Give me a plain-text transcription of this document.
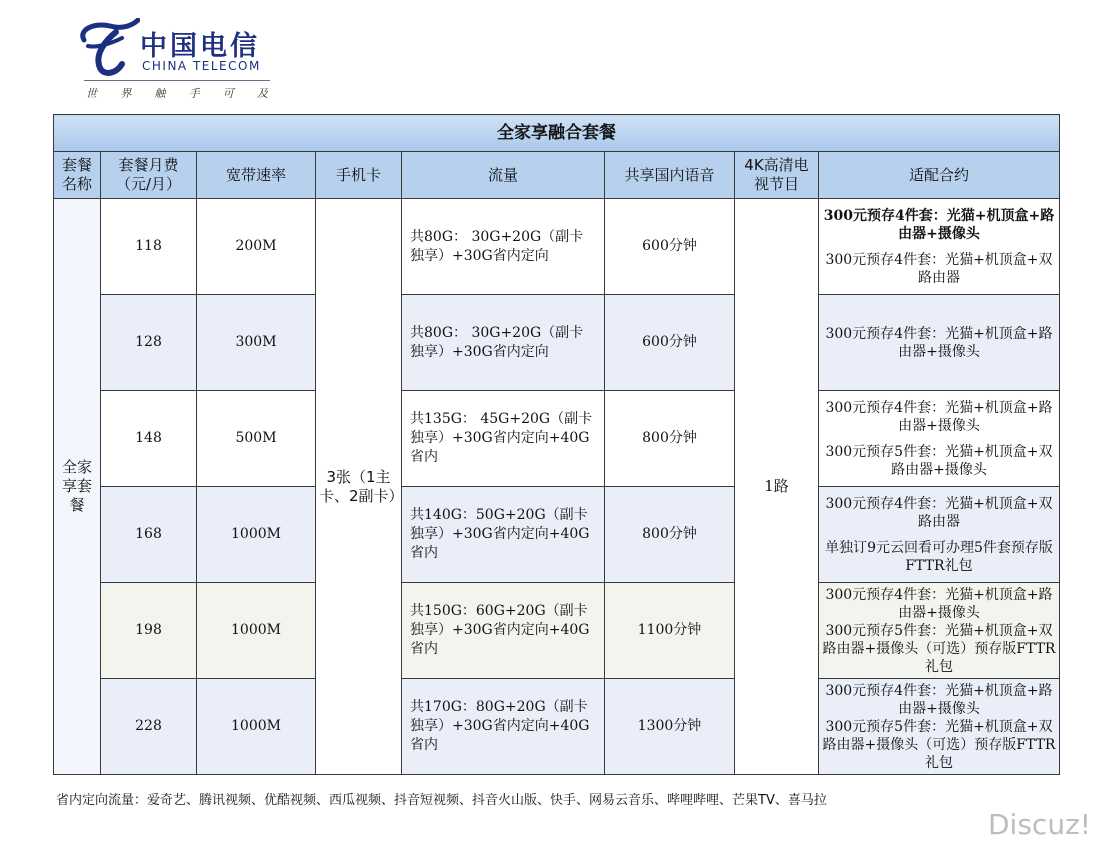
中国电信
CHINA TELECOM
世 界 触 手 可 及
全家享融合套餐							
套餐名称	套餐月费（元/月）	宽带速率	手机卡	流量	共享国内语音	4K高清电视节目	适配合约
全家享套餐	118	200M	3张（1主卡、2副卡）	共80G： 30G+20G（副卡独享）+30G省内定向	600分钟	1路	300元预存4件套：光猫+机顶盒+路由器+摄像头
300元预存4件套：光猫+机顶盒+双路由器

	128	300M		共80G： 30G+20G（副卡独享）+30G省内定向	600分钟		300元预存4件套：光猫+机顶盒+路由器+摄像头

	148	500M		共135G： 45G+20G（副卡独享）+30G省内定向+40G省内	800分钟		300元预存4件套：光猫+机顶盒+路由器+摄像头
300元预存5件套：光猫+机顶盒+双路由器+摄像头

	168	1000M		共140G：50G+20G（副卡独享）+30G省内定向+40G省内	800分钟		300元预存4件套：光猫+机顶盒+双路由器
单独订9元云回看可办理5件套预存版FTTR礼包

	198	1000M		共150G：60G+20G（副卡独享）+30G省内定向+40G省内	1100分钟		300元预存4件套：光猫+机顶盒+路由器+摄像头
300元预存5件套：光猫+机顶盒+双路由器+摄像头（可选）预存版FTTR礼包

	228	1000M		共170G：80G+20G（副卡独享）+30G省内定向+40G省内	1300分钟		300元预存4件套：光猫+机顶盒+路由器+摄像头
300元预存5件套：光猫+机顶盒+双路由器+摄像头（可选）预存版FTTR礼包
省内定向流量：爱奇艺、腾讯视频、优酷视频、西瓜视频、抖音短视频、抖音火山版、快手、网易云音乐、哔哩哔哩、芒果TV、喜马拉
Discuz!
